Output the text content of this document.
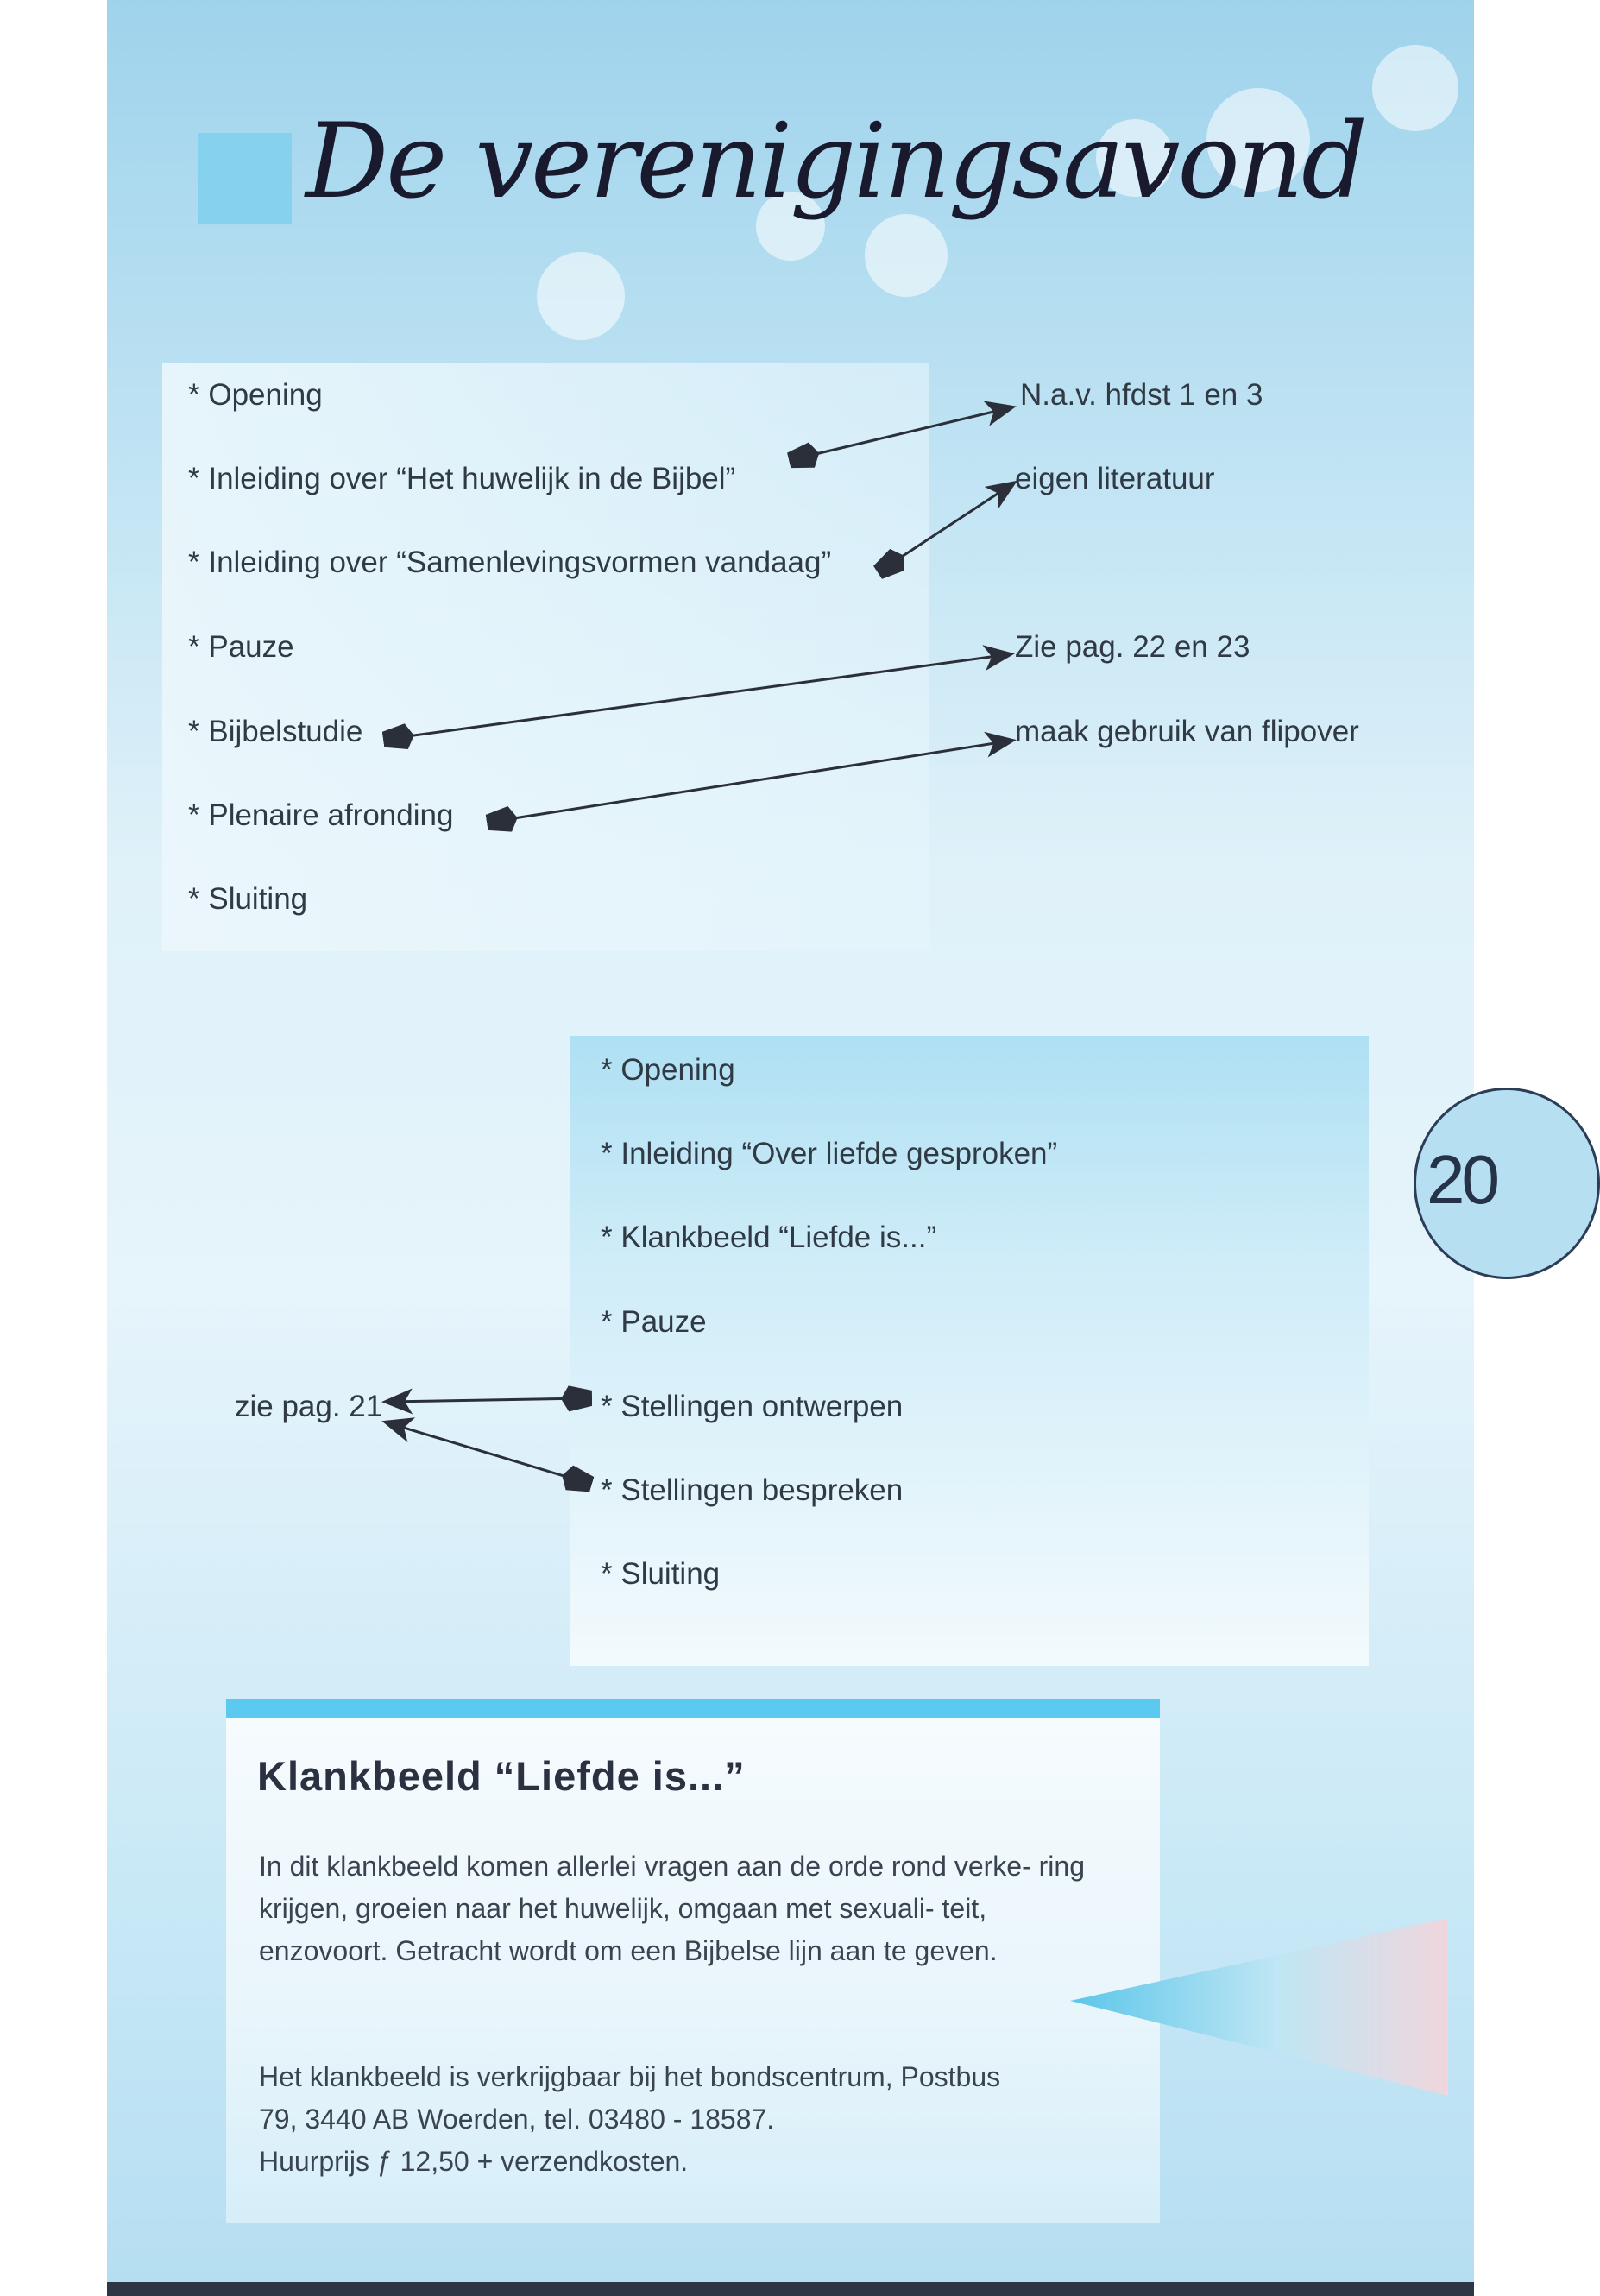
De verenigingsavond
* Opening
* Inleiding over “Het huwelijk in de Bijbel”
* Inleiding over “Samenlevingsvormen vandaag”
* Pauze
* Bijbelstudie
* Plenaire afronding
* Sluiting
N.a.v. hfdst 1 en 3
eigen literatuur
Zie pag. 22 en 23
maak gebruik van flipover
* Opening
* Inleiding “Over liefde gesproken”
* Klankbeeld “Liefde is...”
* Pauze
* Stellingen ontwerpen
* Stellingen bespreken
* Sluiting
zie pag. 21
20
Klankbeeld “Liefde is...”
In dit klankbeeld komen allerlei vragen aan de orde rond verke- ring krijgen, groeien naar het huwelijk, omgaan met sexuali- teit, enzovoort. Getracht wordt om een Bijbelse lijn aan te geven.
Het klankbeeld is verkrijgbaar bij het bondscentrum, Postbus
79, 3440 AB Woerden, tel. 03480 - 18587.
Huurprijs ƒ 12,50 + verzendkosten.
